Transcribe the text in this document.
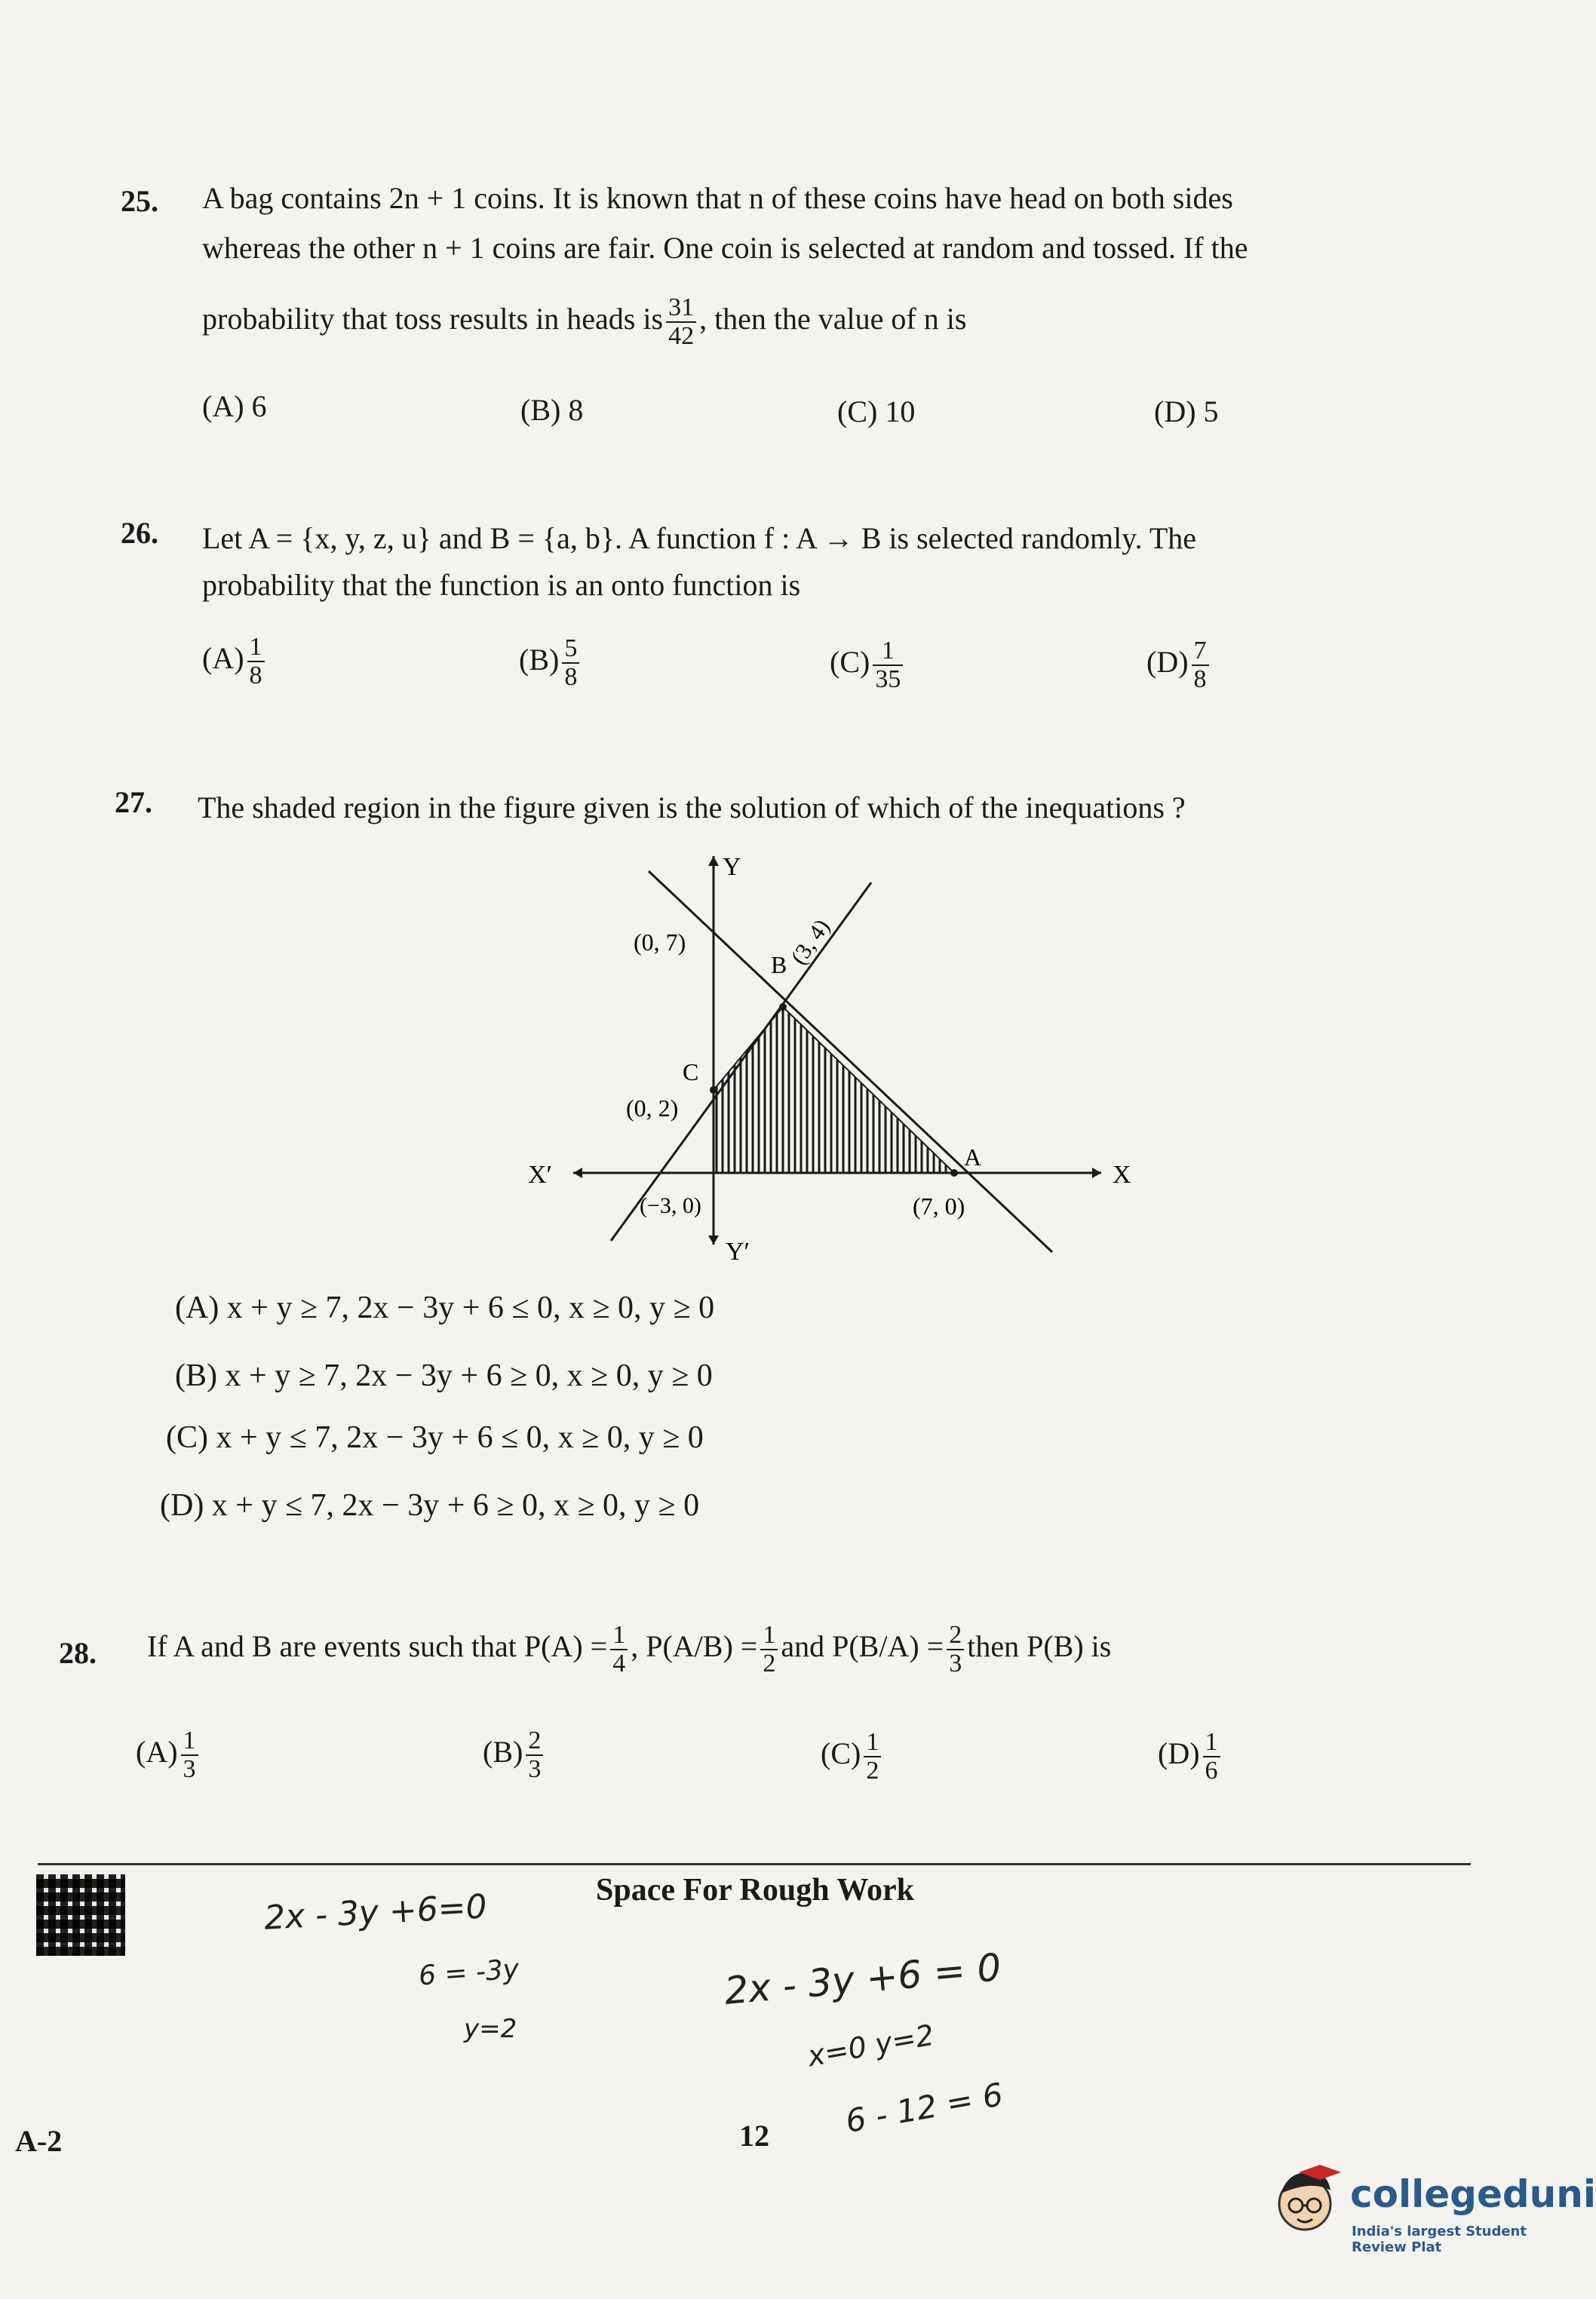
25. A bag contains 2n + 1 coins. It is known that n of these coins have head on both sides
whereas the other n + 1 coins are fair. One coin is selected at random and tossed. If the
probability that toss results in heads is $\frac{31}{42}$ , then the value of n is
(A) 6	(B) 8	(C) 10	(D) 5
26. Let A = {x, y, z, u} and B = {a, b}. A function f : A → B is selected randomly. The
probability that the function is an onto function is
$(A) \frac{1}{8}$	$(B) \frac{5}{8}$	$(C) \frac{1}{35}$	$(D) \frac{7}{8}$
27. The shaded region in the figure given is the solution of which of the inequations ?
Y
Y′
X
X′
(0, 7)	(3, 4)
B
C
(0, 2)
A
(−3, 0)	(7, 0)
(A) x + y ≥ 7, 2x − 3y + 6 ≤ 0, x ≥ 0, y ≥ 0
(B) x + y ≥ 7, 2x − 3y + 6 ≥ 0, x ≥ 0, y ≥ 0
(C) x + y ≤ 7, 2x − 3y + 6 ≤ 0, x ≥ 0, y ≥ 0
(D) x + y ≤ 7, 2x − 3y + 6 ≥ 0, x ≥ 0, y ≥ 0
28. If A and B are events such that $P(A) = \frac{1}{4}$ , $P(A/B) = \frac{1}{2}$ and $P(B/A) = \frac{2}{3}$ then P(B) is
$(A) \frac{1}{3}$	$(B) \frac{2}{3}$	$(C) \frac{1}{2}$	$(D) \frac{1}{6}$
Space For Rough Work
2x - 3y +6=0
6 = -3y
y=2
2x - 3y +6 = 0
x=0 y=2
6 - 12 = 6
A-2	12
collegeduni
India's largest Student Review Plat
